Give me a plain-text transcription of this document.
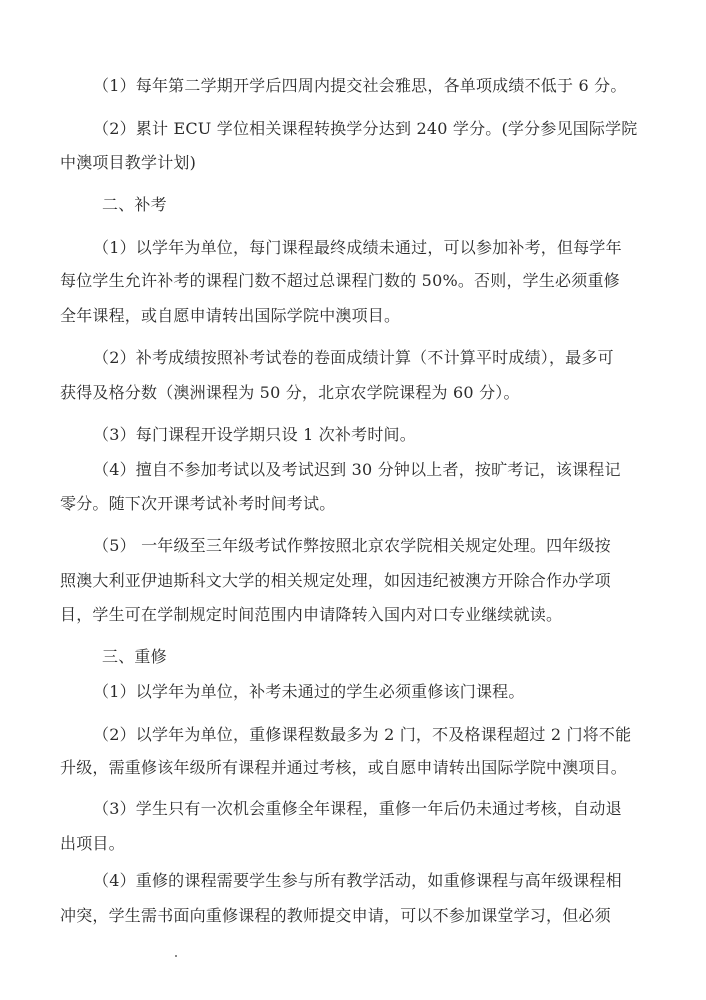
（1）每年第二学期开学后四周内提交社会雅思，各单项成绩不低于 6 分。
（2）累计 ECU 学位相关课程转换学分达到 240 学分。(学分参见国际学院
中澳项目教学计划)
二、补考
（1）以学年为单位，每门课程最终成绩未通过，可以参加补考，但每学年
每位学生允许补考的课程门数不超过总课程门数的 50%。否则，学生必须重修
全年课程，或自愿申请转出国际学院中澳项目。
（2）补考成绩按照补考试卷的卷面成绩计算（不计算平时成绩），最多可
获得及格分数（澳洲课程为 50 分，北京农学院课程为 60 分）。
（3）每门课程开设学期只设 1 次补考时间。
（4）擅自不参加考试以及考试迟到 30 分钟以上者，按旷考记，该课程记
零分。随下次开课考试补考时间考试。
（5） 一年级至三年级考试作弊按照北京农学院相关规定处理。四年级按
照澳大利亚伊迪斯科文大学的相关规定处理，如因违纪被澳方开除合作办学项
目，学生可在学制规定时间范围内申请降转入国内对口专业继续就读。
三、重修
（1）以学年为单位，补考未通过的学生必须重修该门课程。
（2）以学年为单位，重修课程数最多为 2 门，不及格课程超过 2 门将不能
升级，需重修该年级所有课程并通过考核，或自愿申请转出国际学院中澳项目。
（3）学生只有一次机会重修全年课程，重修一年后仍未通过考核，自动退
出项目。
（4）重修的课程需要学生参与所有教学活动，如重修课程与高年级课程相
冲突，学生需书面向重修课程的教师提交申请，可以不参加课堂学习，但必须
